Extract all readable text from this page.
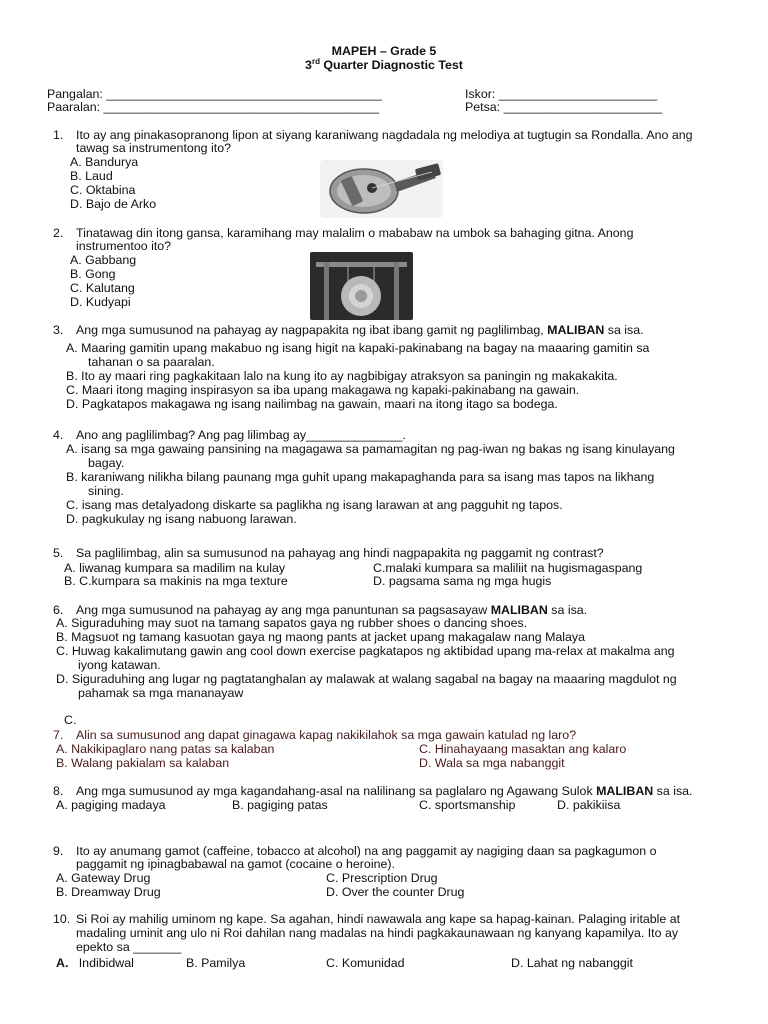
MAPEH – Grade 5
3rd Quarter Diagnostic Test
Pangalan: ________________________________________
Paaralan: ________________________________________
Iskor: _______________________
Petsa: _______________________
1. Ito ay ang pinakasopranong lipon at siyang karaniwang nagdadala ng melodiya at tugtugin sa Rondalla. Ano ang
tawag sa instrumentong ito?
A. Bandurya
B. Laud
C. Oktabina
D. Bajo de Arko
2. Tinatawag din itong gansa, karamihang may malalim o mababaw na umbok sa bahaging gitna. Anong
instrumentoo ito?
A. Gabbang
B. Gong
C. Kalutang
D. Kudyapi
3. Ang mga sumusunod na pahayag ay nagpapakita ng ibat ibang gamit ng paglilimbag, MALIBAN sa isa.
A. Maaring gamitin upang makabuo ng isang higit na kapaki-pakinabang na bagay na maaaring gamitin sa
tahanan o sa paaralan.
B. Ito ay maari ring pagkakitaan lalo na kung ito ay nagbibigay atraksyon sa paningin ng makakakita.
C. Maari itong maging inspirasyon sa iba upang makagawa ng kapaki-pakinabang na gawain.
D. Pagkatapos makagawa ng isang nailimbag na gawain, maari na itong itago sa bodega.
4. Ano ang paglilimbag? Ang pag lilimbag ay______________.
A. isang sa mga gawaing pansining na magagawa sa pamamagitan ng pag-iwan ng bakas ng isang kinulayang
bagay.
B. karaniwang nilikha bilang paunang mga guhit upang makapaghanda para sa isang mas tapos na likhang
sining.
C. isang mas detalyadong diskarte sa paglikha ng isang larawan at ang pagguhit ng tapos.
D. pagkukulay ng isang nabuong larawan.
5. Sa paglilimbag, alin sa sumusunod na pahayag ang hindi nagpapakita ng paggamit ng contrast?
A. liwanag kumpara sa madilim na kulay	C.malaki kumpara sa maliliit na hugismagaspang
B. C.kumpara sa makinis na mga texture	D. pagsama sama ng mga hugis
6. Ang mga sumusunod na pahayag ay ang mga panuntunan sa pagsasayaw MALIBAN sa isa.
A. Siguraduhing may suot na tamang sapatos gaya ng rubber shoes o dancing shoes.
B. Magsuot ng tamang kasuotan gaya ng maong pants at jacket upang makagalaw nang Malaya
C. Huwag kakalimutang gawin ang cool down exercise pagkatapos ng aktibidad upang ma-relax at makalma ang
iyong katawan.
D. Siguraduhing ang lugar ng pagtatanghalan ay malawak at walang sagabal na bagay na maaaring magdulot ng
pahamak sa mga mananayaw
C.
7. Alin sa sumusunod ang dapat ginagawa kapag nakikilahok sa mga gawain katulad ng laro?
A. Nakikipaglaro nang patas sa kalaban	C. Hinahayaang masaktan ang kalaro
B. Walang pakialam sa kalaban	D. Wala sa mga nabanggit
8. Ang mga sumusunod ay mga kagandahang-asal na nalilinang sa paglalaro ng Agawang Sulok MALIBAN sa isa.
A. pagiging madaya	B. pagiging patas	C. sportsmanship	D. pakikiisa
9. Ito ay anumang gamot (caffeine, tobacco at alcohol) na ang paggamit ay nagiging daan sa pagkagumon o
paggamit ng ipinagbabawal na gamot (cocaine o heroine).
A. Gateway Drug	C. Prescription Drug
B. Dreamway Drug	D. Over the counter Drug
10. Si Roi ay mahilig uminom ng kape. Sa agahan, hindi nawawala ang kape sa hapag-kainan. Palaging iritable at
madaling uminit ang ulo ni Roi dahilan nang madalas na hindi pagkakaunawaan ng kanyang kapamilya. Ito ay
epekto sa _______
A. Indibidwal	B. Pamilya	C. Komunidad	D. Lahat ng nabanggit
